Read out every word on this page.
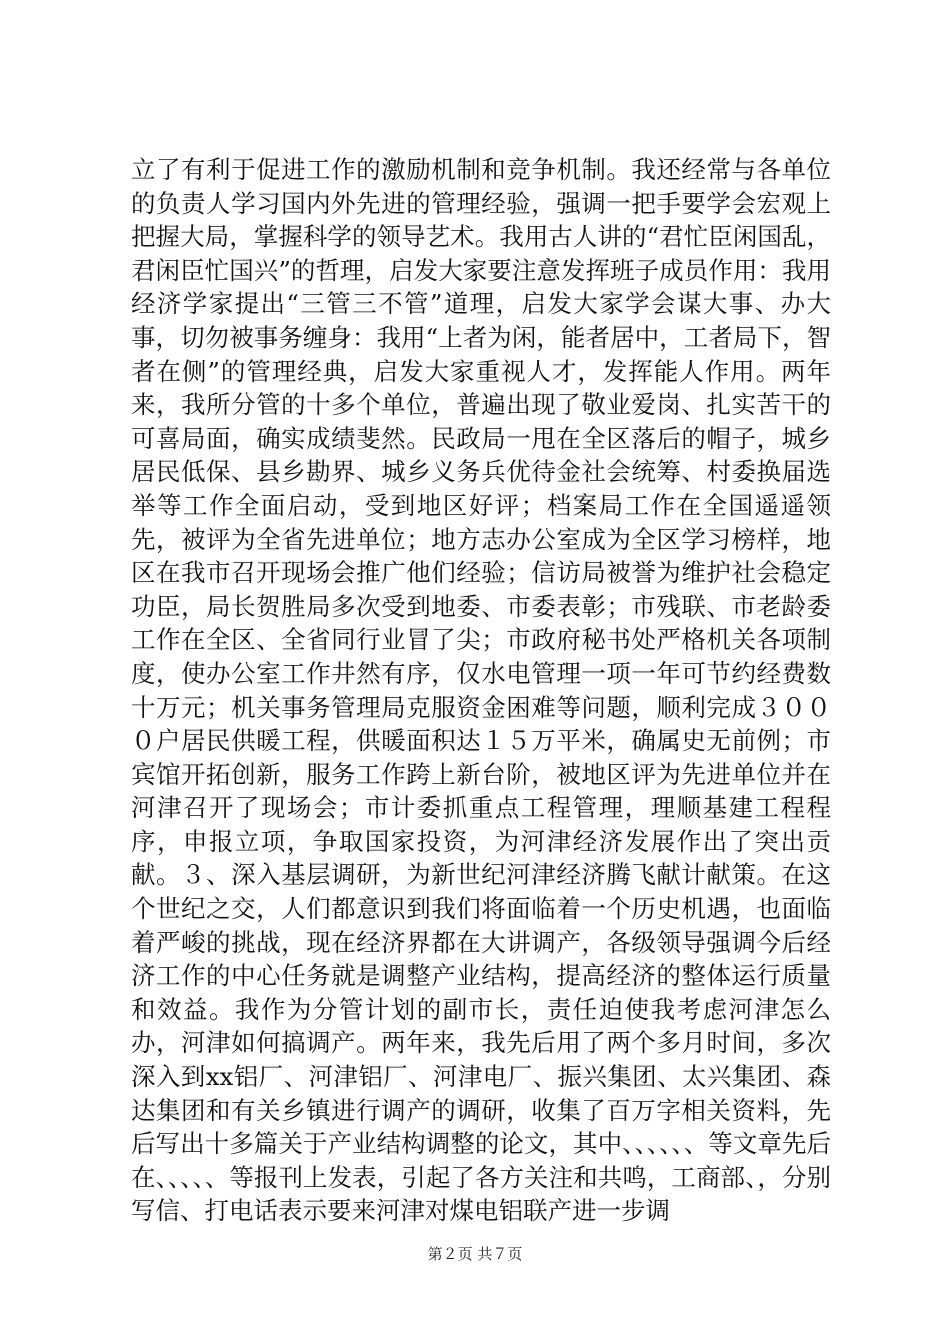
立了有利于促进工作的激励机制和竞争机制。我还经常与各单位的负责人学习国内外先进的管理经验，强调一把手要学会宏观上把握大局，掌握科学的领导艺术。我用古人讲的“君忙臣闲国乱，君闲臣忙国兴”的哲理，启发大家要注意发挥班子成员作用：我用经济学家提出“三管三不管”道理，启发大家学会谋大事、办大事，切勿被事务缠身：我用“上者为闲，能者居中，工者局下，智者在侧”的管理经典，启发大家重视人才，发挥能人作用。两年来，我所分管的十多个单位，普遍出现了敬业爱岗、扎实苦干的可喜局面，确实成绩斐然。民政局一甩在全区落后的帽子，城乡居民低保、县乡勘界、城乡义务兵优待金社会统筹、村委换届选举等工作全面启动，受到地区好评；档案局工作在全国遥遥领先，被评为全省先进单位；地方志办公室成为全区学习榜样，地区在我市召开现场会推广他们经验；信访局被誉为维护社会稳定功臣，局长贺胜局多次受到地委、市委表彰；市残联、市老龄委工作在全区、全省同行业冒了尖；市政府秘书处严格机关各项制度，使办公室工作井然有序，仅水电管理一项一年可节约经费数十万元；机关事务管理局克服资金困难等问题，顺利完成３０００户居民供暖工程，供暖面积达１５万平米，确属史无前例；市宾馆开拓创新，服务工作跨上新台阶，被地区评为先进单位并在河津召开了现场会；市计委抓重点工程管理，理顺基建工程程序，申报立项，争取国家投资，为河津经济发展作出了突出贡献。３、深入基层调研，为新世纪河津经济腾飞献计献策。在这个世纪之交，人们都意识到我们将面临着一个历史机遇，也面临着严峻的挑战，现在经济界都在大讲调产，各级领导强调今后经济工作的中心任务就是调整产业结构，提高经济的整体运行质量和效益。我作为分管计划的副市长，责任迫使我考虑河津怎么办，河津如何搞调产。两年来，我先后用了两个多月时间，多次深入到xx铝厂、河津铝厂、河津电厂、振兴集团、太兴集团、森达集团和有关乡镇进行调产的调研，收集了百万字相关资料，先后写出十多篇关于产业结构调整的论文，其中、、、、、、等文章先后在、、、、、等报刊上发表，引起了各方关注和共鸣，工商部、，分别写信、打电话表示要来河津对煤电铝联产进一步调

第２页 共７页
